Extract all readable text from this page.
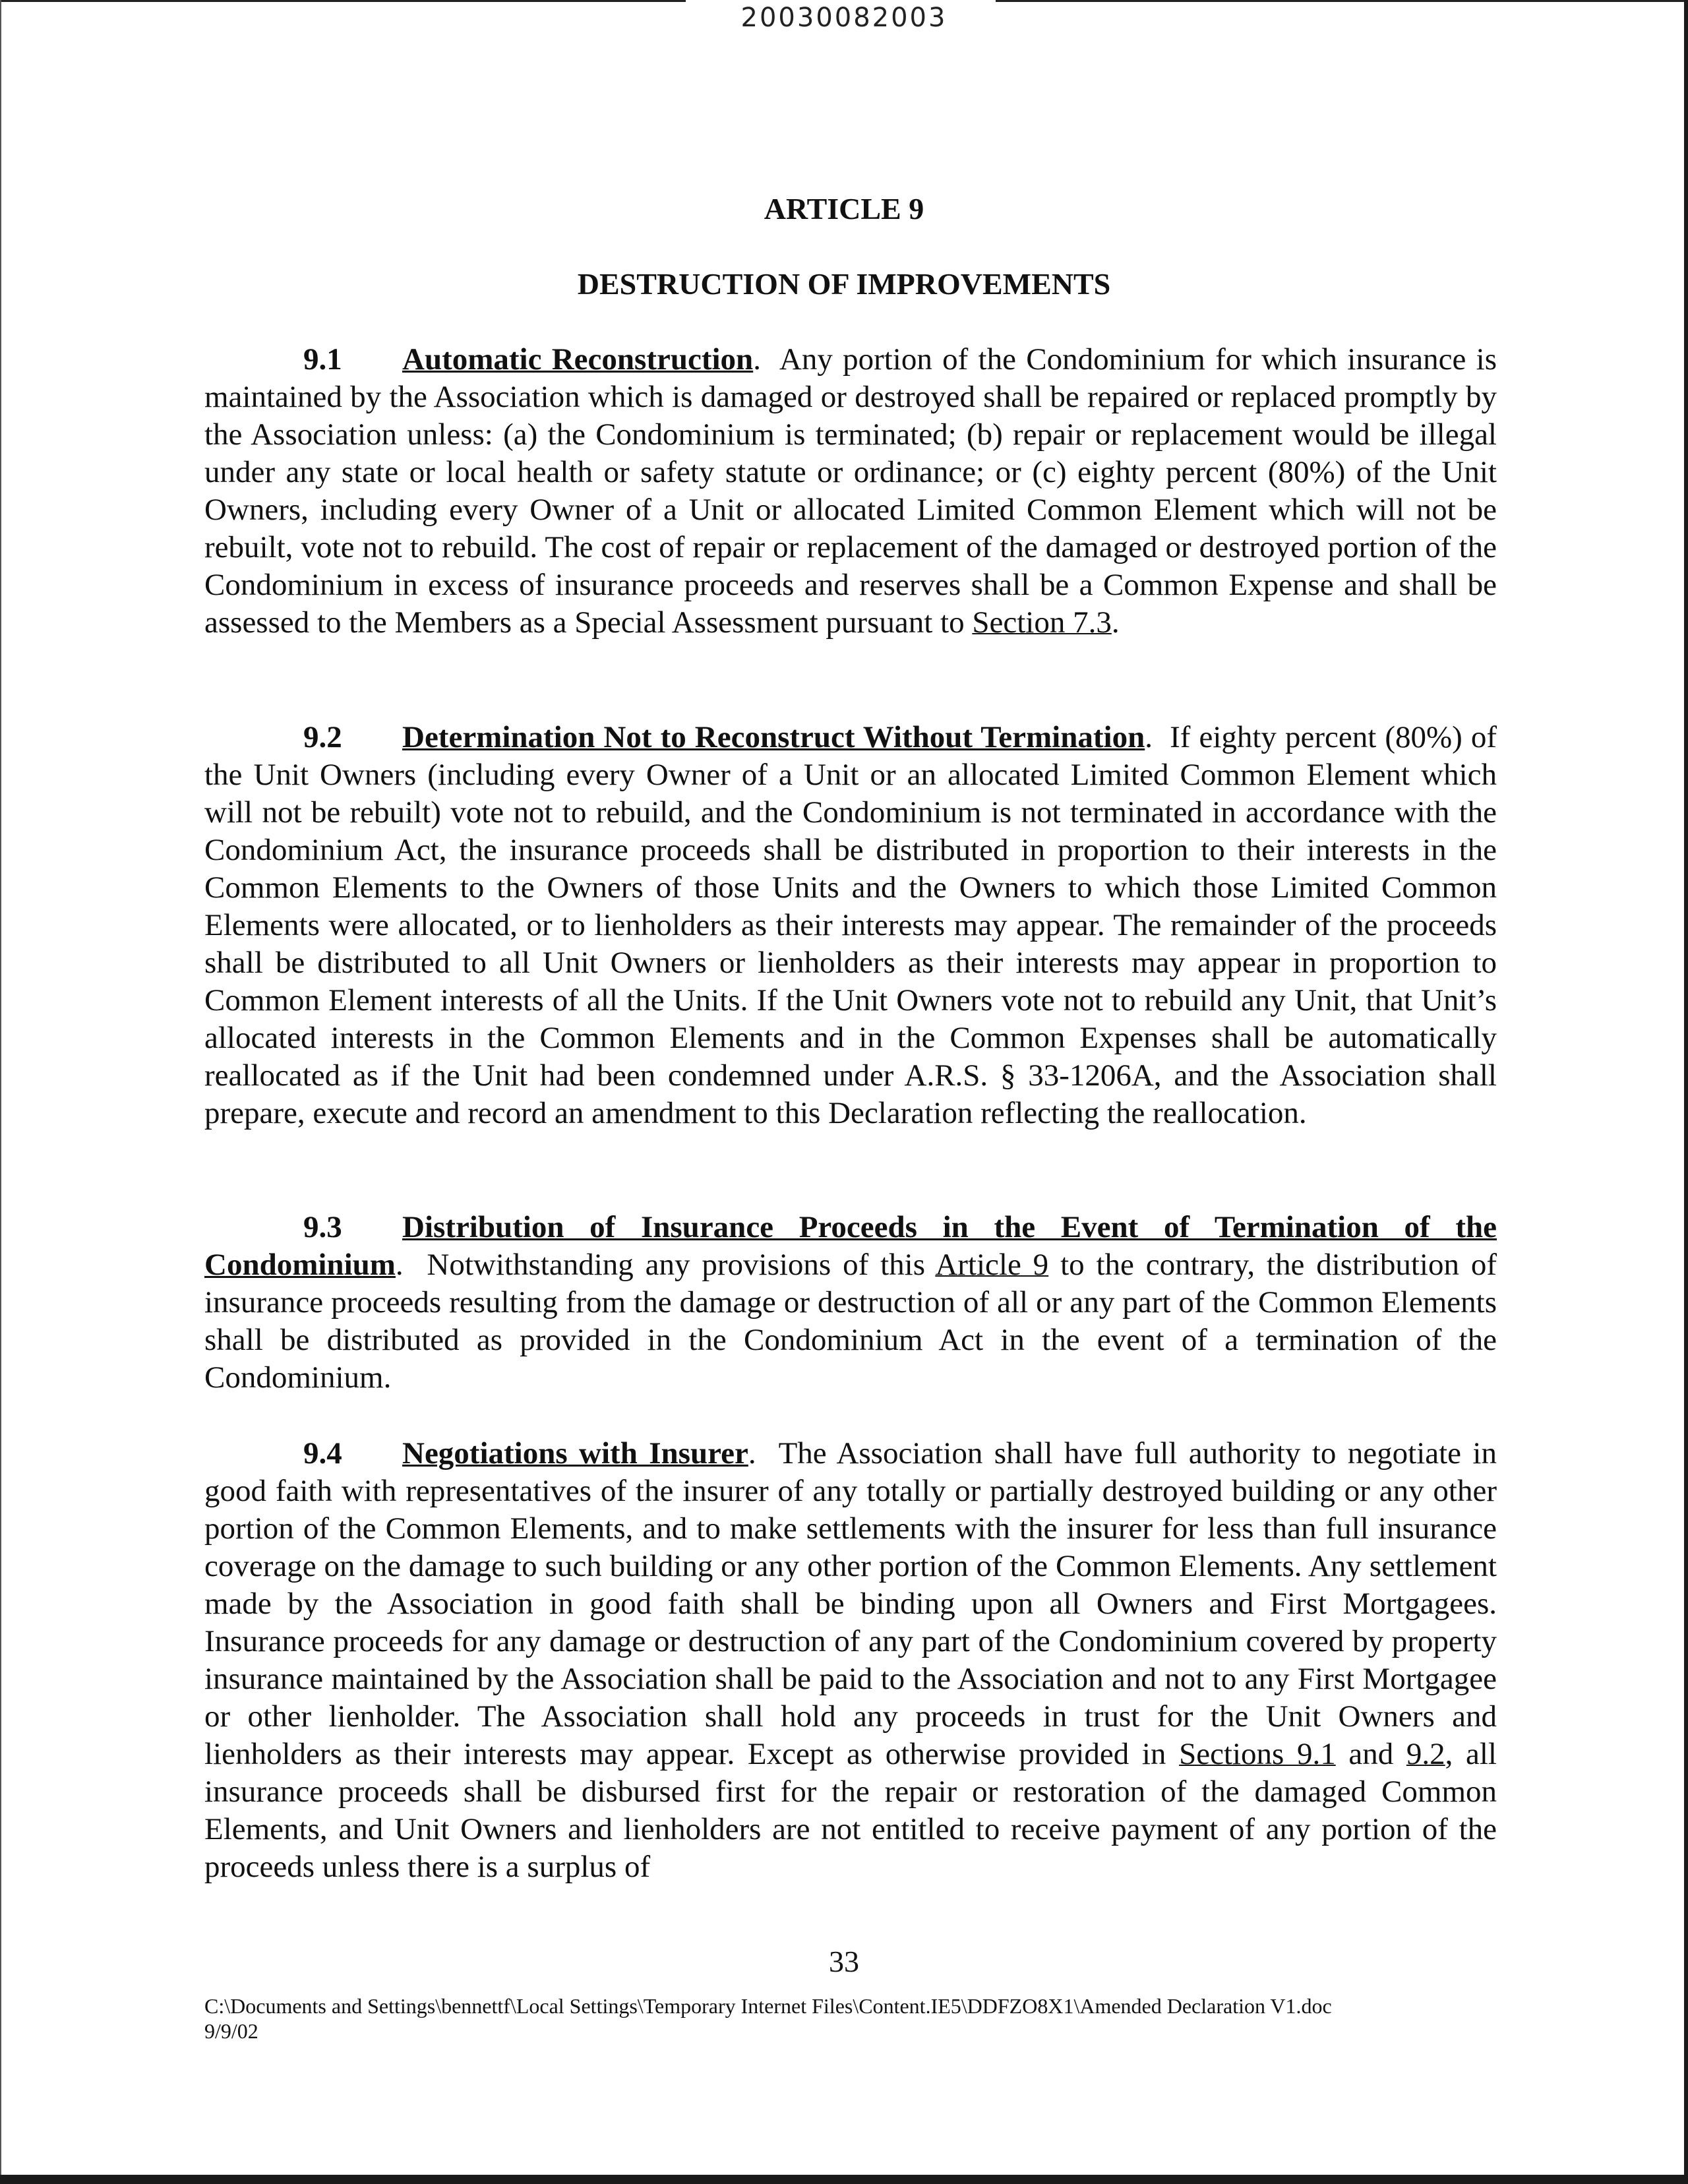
20030082003
ARTICLE 9
DESTRUCTION OF IMPROVEMENTS
9.1 Automatic Reconstruction.  Any portion of the Condominium for which insurance is maintained by the Association which is damaged or destroyed shall be repaired or replaced promptly by the Association unless: (a) the Condominium is terminated; (b) repair or replacement would be illegal under any state or local health or safety statute or ordinance; or (c) eighty percent (80%) of the Unit Owners, including every Owner of a Unit or allocated Limited Common Element which will not be rebuilt, vote not to rebuild. The cost of repair or replacement of the damaged or destroyed portion of the Condominium in excess of insurance proceeds and reserves shall be a Common Expense and shall be assessed to the Members as a Special Assessment pursuant to Section 7.3.
9.2 Determination Not to Reconstruct Without Termination.  If eighty percent (80%) of the Unit Owners (including every Owner of a Unit or an allocated Limited Common Element which will not be rebuilt) vote not to rebuild, and the Condominium is not terminated in accordance with the Condominium Act, the insurance proceeds shall be distributed in proportion to their interests in the Common Elements to the Owners of those Units and the Owners to which those Limited Common Elements were allocated, or to lienholders as their interests may appear. The remainder of the proceeds shall be distributed to all Unit Owners or lienholders as their interests may appear in proportion to Common Element interests of all the Units. If the Unit Owners vote not to rebuild any Unit, that Unit’s allocated interests in the Common Elements and in the Common Expenses shall be automatically reallocated as if the Unit had been condemned under A.R.S. § 33-1206A, and the Association shall prepare, execute and record an amendment to this Declaration reflecting the reallocation.
9.3 Distribution of Insurance Proceeds in the Event of Termination of the Condominium.  Notwithstanding any provisions of this Article 9 to the contrary, the distribution of insurance proceeds resulting from the damage or destruction of all or any part of the Common Elements shall be distributed as provided in the Condominium Act in the event of a termination of the Condominium.
9.4 Negotiations with Insurer.  The Association shall have full authority to negotiate in good faith with representatives of the insurer of any totally or partially destroyed building or any other portion of the Common Elements, and to make settlements with the insurer for less than full insurance coverage on the damage to such building or any other portion of the Common Elements. Any settlement made by the Association in good faith shall be binding upon all Owners and First Mortgagees. Insurance proceeds for any damage or destruction of any part of the Condominium covered by property insurance maintained by the Association shall be paid to the Association and not to any First Mortgagee or other lienholder. The Association shall hold any proceeds in trust for the Unit Owners and lienholders as their interests may appear. Except as otherwise provided in Sections 9.1 and 9.2, all insurance proceeds shall be disbursed first for the repair or restoration of the damaged Common Elements, and Unit Owners and lienholders are not entitled to receive payment of any portion of the proceeds unless there is a surplus of
33
C:\Documents and Settings\bennettf\Local Settings\Temporary Internet Files\Content.IE5\DDFZO8X1\Amended Declaration V1.doc
9/9/02
